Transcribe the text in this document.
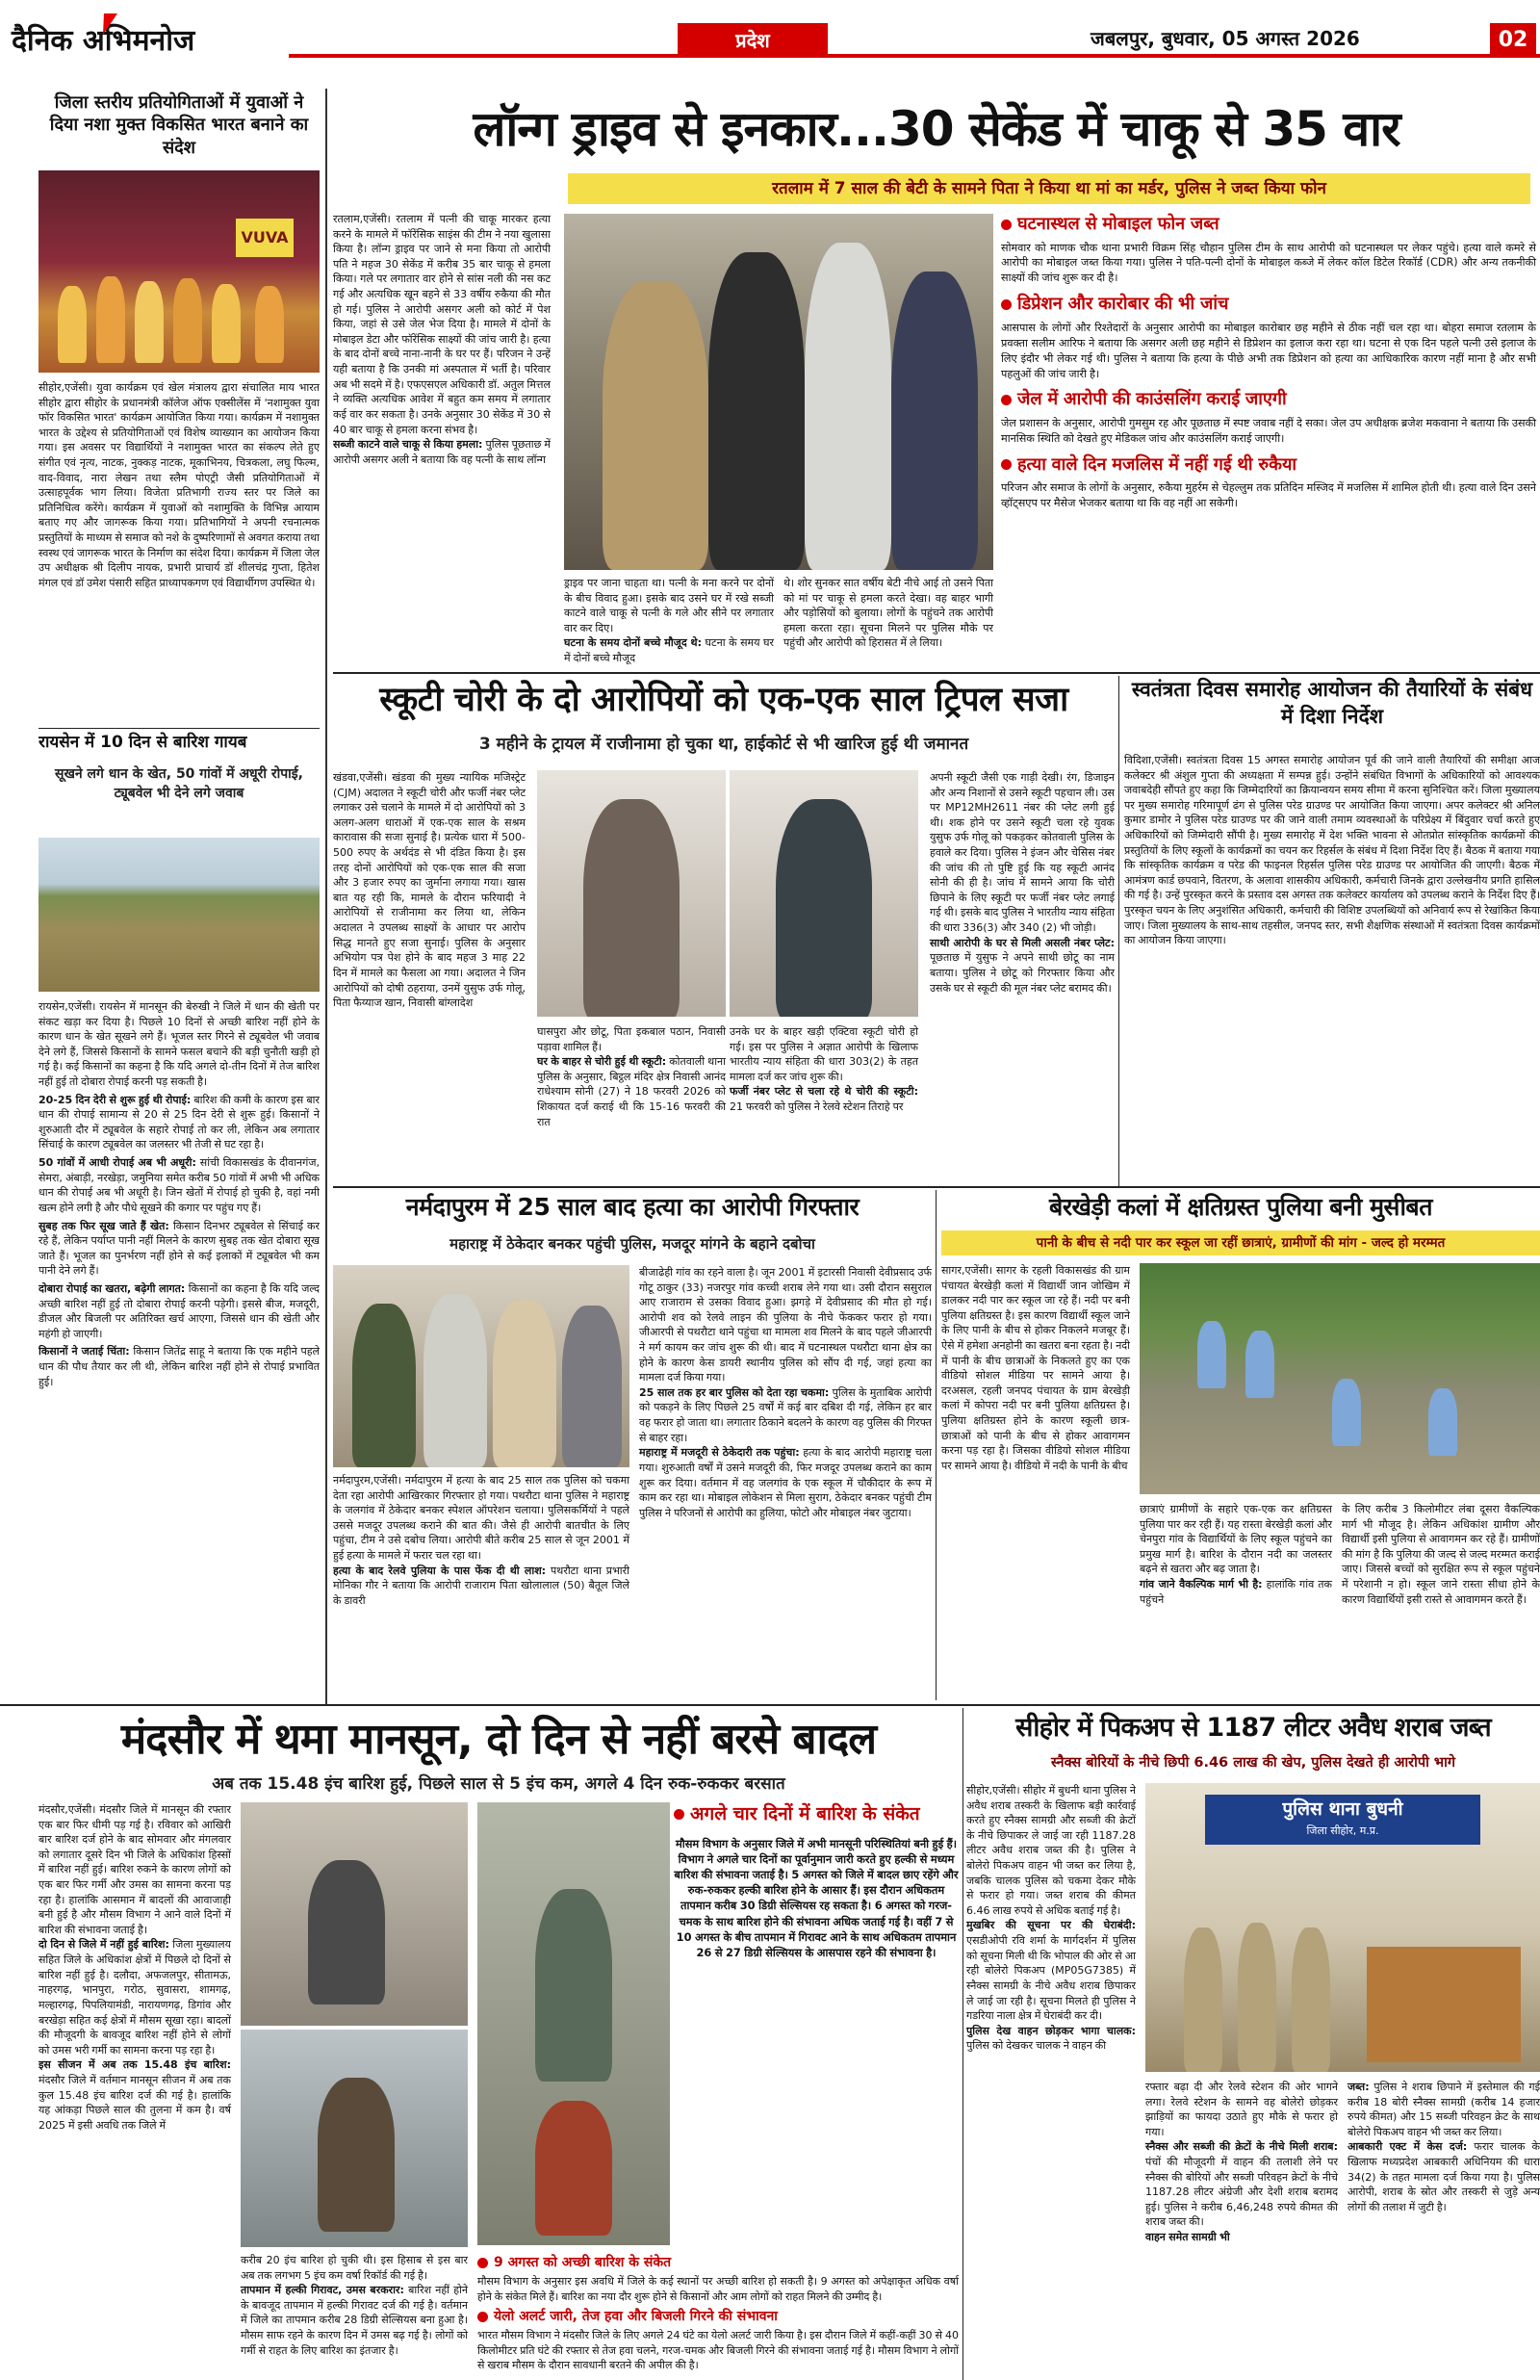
दैनिक अभिमनोज	प्रदेश	जबलपुर, बुधवार, 05 अगस्त 2026	02
जिला स्तरीय प्रतियोगिताओं में युवाओं ने दिया नशा मुक्त विकसित भारत बनाने का संदेश
VUVA
सीहोर,एजेंसी। युवा कार्यक्रम एवं खेल मंत्रालय द्वारा संचालित माय भारत सीहोर द्वारा सीहोर के प्रधानमंत्री कॉलेज ऑफ एक्सीलेंस में 'नशामुक्त युवा फॉर विकसित भारत' कार्यक्रम आयोजित किया गया। कार्यक्रम में नशामुक्त भारत के उद्देश्य से प्रतियोगिताओं एवं विशेष व्याख्यान का आयोजन किया गया। इस अवसर पर विद्यार्थियों ने नशामुक्त भारत का संकल्प लेते हुए संगीत एवं नृत्य, नाटक, नुक्कड़ नाटक, मूकाभिनय, चित्रकला, लघु फिल्म, वाद-विवाद, नारा लेखन तथा स्लैम पोएट्री जैसी प्रतियोगिताओं में उत्साहपूर्वक भाग लिया। विजेता प्रतिभागी राज्य स्तर पर जिले का प्रतिनिधित्व करेंगे। कार्यक्रम में युवाओं को नशामुक्ति के विभिन्न आयाम बताए गए और जागरूक किया गया। प्रतिभागियों ने अपनी रचनात्मक प्रस्तुतियों के माध्यम से समाज को नशे के दुष्परिणामों से अवगत कराया तथा स्वस्थ एवं जागरूक भारत के निर्माण का संदेश दिया। कार्यक्रम में जिला जेल उप अधीक्षक श्री दिलीप नायक, प्रभारी प्राचार्य डॉ शीलचंद्र गुप्ता, हितेश मंगल एवं डॉ उमेश पंसारी सहित प्राध्यापकगण एवं विद्यार्थीगण उपस्थित थे।
रायसेन में 10 दिन से बारिश गायब
सूखने लगे धान के खेत, 50 गांवों में अधूरी रोपाई, ट्यूबवेल भी देने लगे जवाब

रायसेन,एजेंसी। रायसेन में मानसून की बेरुखी ने जिले में धान की खेती पर संकट खड़ा कर दिया है। पिछले 10 दिनों से अच्छी बारिश नहीं होने के कारण धान के खेत सूखने लगे हैं। भूजल स्तर गिरने से ट्यूबवेल भी जवाब देने लगे हैं, जिससे किसानों के सामने फसल बचाने की बड़ी चुनौती खड़ी हो गई है। कई किसानों का कहना है कि यदि अगले दो-तीन दिनों में तेज बारिश नहीं हुई तो दोबारा रोपाई करनी पड़ सकती है।

20-25 दिन देरी से शुरू हुई थी रोपाई: बारिश की कमी के कारण इस बार धान की रोपाई सामान्य से 20 से 25 दिन देरी से शुरू हुई। किसानों ने शुरुआती दौर में ट्यूबवेल के सहारे रोपाई तो कर ली, लेकिन अब लगातार सिंचाई के कारण ट्यूबवेल का जलस्तर भी तेजी से घट रहा है।

50 गांवों में आधी रोपाई अब भी अधूरी: सांची विकासखंड के दीवानगंज, सेमरा, अंबाड़ी, नरखेड़ा, जमुनिया समेत करीब 50 गांवों में अभी भी अधिक धान की रोपाई अब भी अधूरी है। जिन खेतों में रोपाई हो चुकी है, वहां नमी खत्म होने लगी है और पौधे सूखने की कगार पर पहुंच गए हैं।

सुबह तक फिर सूख जाते हैं खेत: किसान दिनभर ट्यूबवेल से सिंचाई कर रहे हैं, लेकिन पर्याप्त पानी नहीं मिलने के कारण सुबह तक खेत दोबारा सूख जाते हैं। भूजल का पुनर्भरण नहीं होने से कई इलाकों में ट्यूबवेल भी कम पानी देने लगे हैं।

दोबारा रोपाई का खतरा, बढ़ेगी लागत: किसानों का कहना है कि यदि जल्द अच्छी बारिश नहीं हुई तो दोबारा रोपाई करनी पड़ेगी। इससे बीज, मजदूरी, डीजल और बिजली पर अतिरिक्त खर्च आएगा, जिससे धान की खेती और महंगी हो जाएगी।

किसानों ने जताई चिंता: किसान जितेंद्र साहू ने बताया कि एक महीने पहले धान की पौध तैयार कर ली थी, लेकिन बारिश नहीं होने से रोपाई प्रभावित हुई।

लॉन्ग ड्राइव से इनकार...30 सेकेंड में चाकू से 35 वार
रतलाम में 7 साल की बेटी के सामने पिता ने किया था मां का मर्डर, पुलिस ने जब्त किया फोन
रतलाम,एजेंसी। रतलाम में पत्नी की चाकू मारकर हत्या करने के मामले में फॉरेंसिक साइंस की टीम ने नया खुलासा किया है। लॉन्ग ड्राइव पर जाने से मना किया तो आरोपी पति ने महज 30 सेकेंड में करीब 35 बार चाकू से हमला किया। गले पर लगातार वार होने से सांस नली की नस कट गई और अत्यधिक खून बहने से 33 वर्षीय रुकैया की मौत हो गई। पुलिस ने आरोपी असगर अली को कोर्ट में पेश किया, जहां से उसे जेल भेज दिया है। मामले में दोनों के मोबाइल डेटा और फॉरेंसिक साक्ष्यों की जांच जारी है। हत्या के बाद दोनों बच्चे नाना-नानी के घर पर हैं। परिजन ने उन्हें यही बताया है कि उनकी मां अस्पताल में भर्ती है। परिवार अब भी सदमे में है। एफएसएल अधिकारी डॉ. अतुल मित्तल ने व्यक्ति अत्यधिक आवेश में बहुत कम समय में लगातार कई वार कर सकता है। उनके अनुसार 30 सेकेंड में 30 से 40 बार चाकू से हमला करना संभव है।
सब्जी काटने वाले चाकू से किया हमला: पुलिस पूछताछ में आरोपी असगर अली ने बताया कि वह पत्नी के साथ लॉन्ग
ड्राइव पर जाना चाहता था। पत्नी के मना करने पर दोनों के बीच विवाद हुआ। इसके बाद उसने घर में रखे सब्जी काटने वाले चाकू से पत्नी के गले और सीने पर लगातार वार कर दिए।
घटना के समय दोनों बच्चे मौजूद थे: घटना के समय घर में दोनों बच्चे मौजूद
थे। शोर सुनकर सात वर्षीय बेटी नीचे आई तो उसने पिता को मां पर चाकू से हमला करते देखा। वह बाहर भागी और पड़ोसियों को बुलाया। लोगों के पहुंचने तक आरोपी हमला करता रहा। सूचना मिलने पर पुलिस मौके पर पहुंची और आरोपी को हिरासत में ले लिया।
घटनास्थल से मोबाइल फोन जब्त

सोमवार को माणक चौक थाना प्रभारी विक्रम सिंह चौहान पुलिस टीम के साथ आरोपी को घटनास्थल पर लेकर पहुंचे। हत्या वाले कमरे से आरोपी का मोबाइल जब्त किया गया। पुलिस ने पति-पत्नी दोनों के मोबाइल कब्जे में लेकर कॉल डिटेल रिकॉर्ड (CDR) और अन्य तकनीकी साक्ष्यों की जांच शुरू कर दी है।

डिप्रेशन और कारोबार की भी जांच

आसपास के लोगों और रिश्तेदारों के अनुसार आरोपी का मोबाइल कारोबार छह महीने से ठीक नहीं चल रहा था। बोहरा समाज रतलाम के प्रवक्ता सलीम आरिफ ने बताया कि असगर अली छह महीने से डिप्रेशन का इलाज करा रहा था। घटना से एक दिन पहले पत्नी उसे इलाज के लिए इंदौर भी लेकर गई थी। पुलिस ने बताया कि हत्या के पीछे अभी तक डिप्रेशन को हत्या का आधिकारिक कारण नहीं माना है और सभी पहलुओं की जांच जारी है।

जेल में आरोपी की काउंसलिंग कराई जाएगी

जेल प्रशासन के अनुसार, आरोपी गुमसुम रह और पूछताछ में स्पष्ट जवाब नहीं दे सका। जेल उप अधीक्षक ब्रजेश मकवाना ने बताया कि उसकी मानसिक स्थिति को देखते हुए मेडिकल जांच और काउंसलिंग कराई जाएगी।

हत्या वाले दिन मजलिस में नहीं गई थी रुकैया

परिजन और समाज के लोगों के अनुसार, रुकैया मुहर्रम से चेहल्लुम तक प्रतिदिन मस्जिद में मजलिस में शामिल होती थी। हत्या वाले दिन उसने व्हॉट्सएप पर मैसेज भेजकर बताया था कि वह नहीं आ सकेगी।

स्कूटी चोरी के दो आरोपियों को एक-एक साल ट्रिपल सजा
3 महीने के ट्रायल में राजीनामा हो चुका था, हाईकोर्ट से भी खारिज हुई थी जमानत
खंडवा,एजेंसी। खंडवा की मुख्य न्यायिक मजिस्ट्रेट (CJM) अदालत ने स्कूटी चोरी और फर्जी नंबर प्लेट लगाकर उसे चलाने के मामले में दो आरोपियों को 3 अलग-अलग धाराओं में एक-एक साल के सश्रम कारावास की सजा सुनाई है। प्रत्येक धारा में 500-500 रुपए के अर्थदंड से भी दंडित किया है। इस तरह दोनों आरोपियों को एक-एक साल की सजा और 3 हजार रुपए का जुर्माना लगाया गया। खास बात यह रही कि, मामले के दौरान फरियादी ने आरोपियों से राजीनामा कर लिया था, लेकिन अदालत ने उपलब्ध साक्ष्यों के आधार पर आरोप सिद्ध मानते हुए सजा सुनाई। पुलिस के अनुसार अभियोग पत्र पेश होने के बाद महज 3 माह 22 दिन में मामले का फैसला आ गया। अदालत ने जिन आरोपियों को दोषी ठहराया, उनमें युसुफ उर्फ गोलू, पिता फैय्याज खान, निवासी बांग्लादेश
घासपुरा और छोटू, पिता इकबाल पठान, निवासी पड़ावा शामिल हैं।
घर के बाहर से चोरी हुई थी स्कूटी: कोतवाली थाना पुलिस के अनुसार, बिट्ठल मंदिर क्षेत्र निवासी आनंद राधेश्याम सोनी (27) ने 18 फरवरी 2026 को शिकायत दर्ज कराई थी कि 15-16 फरवरी की रात
उनके घर के बाहर खड़ी एक्टिवा स्कूटी चोरी हो गई। इस पर पुलिस ने अज्ञात आरोपी के खिलाफ भारतीय न्याय संहिता की धारा 303(2) के तहत मामला दर्ज कर जांच शुरू की।
फर्जी नंबर प्लेट से चला रहे थे चोरी की स्कूटी: 21 फरवरी को पुलिस ने रेलवे स्टेशन तिराहे पर
अपनी स्कूटी जैसी एक गाड़ी देखी। रंग, डिजाइन और अन्य निशानों से उसने स्कूटी पहचान ली। उस पर MP12MH2611 नंबर की प्लेट लगी हुई थी। शक होने पर उसने स्कूटी चला रहे युवक युसुफ उर्फ गोलू को पकड़कर कोतवाली पुलिस के हवाले कर दिया। पुलिस ने इंजन और चेसिस नंबर की जांच की तो पुष्टि हुई कि यह स्कूटी आनंद सोनी की ही है। जांच में सामने आया कि चोरी छिपाने के लिए स्कूटी पर फर्जी नंबर प्लेट लगाई गई थी। इसके बाद पुलिस ने भारतीय न्याय संहिता की धारा 336(3) और 340 (2) भी जोड़ी।
साथी आरोपी के घर से मिली असली नंबर प्लेट: पूछताछ में युसुफ ने अपने साथी छोटू का नाम बताया। पुलिस ने छोटू को गिरफ्तार किया और उसके घर से स्कूटी की मूल नंबर प्लेट बरामद की।
स्वतंत्रता दिवस समारोह आयोजन की तैयारियों के संबंध में दिशा निर्देश
विदिशा,एजेंसी। स्वतंत्रता दिवस 15 अगस्त समारोह आयोजन पूर्व की जाने वाली तैयारियों की समीक्षा आज कलेक्टर श्री अंशुल गुप्ता की अध्यक्षता में सम्पन्न हुई। उन्होंने संबंधित विभागों के अधिकारियों को आवश्यक जवाबदेही सौंपते हुए कहा कि जिम्मेदारियों का क्रियान्वयन समय सीमा में करना सुनिश्चित करें। जिला मुख्यालय पर मुख्य समारोह गरिमापूर्ण ढंग से पुलिस परेड ग्राउण्ड पर आयोजित किया जाएगा। अपर कलेक्टर श्री अनिल कुमार डामोर ने पुलिस परेड ग्राउण्ड पर की जाने वाली तमाम व्यवस्थाओं के परिप्रेक्ष्य में बिंदुवार चर्चा करते हुए अधिकारियों को जिम्मेदारी सौंपी है। मुख्य समारोह में देश भक्ति भावना से ओतप्रोत सांस्कृतिक कार्यक्रमों की प्रस्तुतियों के लिए स्कूलों के कार्यक्रमों का चयन कर रिहर्सल के संबंध में दिशा निर्देश दिए हैं। बैठक में बताया गया कि सांस्कृतिक कार्यक्रम व परेड की फाइनल रिहर्सल पुलिस परेड ग्राउण्ड पर आयोजित की जाएगी। बैठक में आमंत्रण कार्ड छपवाने, वितरण, के अलावा शासकीय अधिकारी, कर्मचारी जिनके द्वारा उल्लेखनीय प्रगति हासिल की गई है। उन्हें पुरस्कृत करने के प्रस्ताव दस अगस्त तक कलेक्टर कार्यालय को उपलब्ध कराने के निर्देश दिए हैं। पुरस्कृत चयन के लिए अनुशंसित अधिकारी, कर्मचारी की विशिष्ट उपलब्धियों को अनिवार्य रूप से रेखांकित किया जाए। जिला मुख्यालय के साथ-साथ तहसील, जनपद स्तर, सभी शैक्षणिक संस्थाओं में स्वतंत्रता दिवस कार्यक्रमों का आयोजन किया जाएगा।
नर्मदापुरम में 25 साल बाद हत्या का आरोपी गिरफ्तार
महाराष्ट्र में ठेकेदार बनकर पहुंची पुलिस, मजदूर मांगने के बहाने दबोचा
नर्मदापुरम,एजेंसी। नर्मदापुरम में हत्या के बाद 25 साल तक पुलिस को चकमा देता रहा आरोपी आखिरकार गिरफ्तार हो गया। पथरौटा थाना पुलिस ने महाराष्ट्र के जलगांव में ठेकेदार बनकर स्पेशल ऑपरेशन चलाया। पुलिसकर्मियों ने पहले उससे मजदूर उपलब्ध कराने की बात की। जैसे ही आरोपी बातचीत के लिए पहुंचा, टीम ने उसे दबोच लिया। आरोपी बीते करीब 25 साल से जून 2001 में हुई हत्या के मामले में फरार चल रहा था।
हत्या के बाद रेलवे पुलिया के पास फेंक दी थी लाश: पथरौटा थाना प्रभारी मोनिका गौर ने बताया कि आरोपी राजाराम पिता खोलालाल (50) बैतूल जिले के डावरी
बीजाढेही गांव का रहने वाला है। जून 2001 में इटारसी निवासी देवीप्रसाद उर्फ गोटू ठाकुर (33) नजरपुर गांव कच्ची शराब लेने गया था। उसी दौरान ससुराल आए राजाराम से उसका विवाद हुआ। झगड़े में देवीप्रसाद की मौत हो गई। आरोपी शव को रेलवे लाइन की पुलिया के नीचे फेंककर फरार हो गया। जीआरपी से पथरौटा थाने पहुंचा था मामला शव मिलने के बाद पहले जीआरपी ने मर्ग कायम कर जांच शुरू की थी। बाद में घटनास्थल पथरौटा थाना क्षेत्र का होने के कारण केस डायरी स्थानीय पुलिस को सौंप दी गई, जहां हत्या का मामला दर्ज किया गया।
25 साल तक हर बार पुलिस को देता रहा चकमा: पुलिस के मुताबिक आरोपी को पकड़ने के लिए पिछले 25 वर्षों में कई बार दबिश दी गई, लेकिन हर बार वह फरार हो जाता था। लगातार ठिकाने बदलने के कारण वह पुलिस की गिरफ्त से बाहर रहा।
महाराष्ट्र में मजदूरी से ठेकेदारी तक पहुंचा: हत्या के बाद आरोपी महाराष्ट्र चला गया। शुरुआती वर्षों में उसने मजदूरी की, फिर मजदूर उपलब्ध कराने का काम शुरू कर दिया। वर्तमान में वह जलगांव के एक स्कूल में चौकीदार के रूप में काम कर रहा था। मोबाइल लोकेशन से मिला सुराग, ठेकेदार बनकर पहुंची टीम पुलिस ने परिजनों से आरोपी का हुलिया, फोटो और मोबाइल नंबर जुटाया।
बेरखेड़ी कलां में क्षतिग्रस्त पुलिया बनी मुसीबत
पानी के बीच से नदी पार कर स्कूल जा रहीं छात्राएं, ग्रामीणों की मांग - जल्द हो मरम्मत
सागर,एजेंसी। सागर के रहली विकासखंड की ग्राम पंचायत बेरखेड़ी कलां में विद्यार्थी जान जोखिम में डालकर नदी पार कर स्कूल जा रहे हैं। नदी पर बनी पुलिया क्षतिग्रस्त है। इस कारण विद्यार्थी स्कूल जाने के लिए पानी के बीच से होकर निकलने मजबूर हैं। ऐसे में हमेशा अनहोनी का खतरा बना रहता है। नदी में पानी के बीच छात्राओं के निकलते हुए का एक वीडियो सोशल मीडिया पर सामने आया है। दरअसल, रहली जनपद पंचायत के ग्राम बेरखेड़ी कलां में कोपरा नदी पर बनी पुलिया क्षतिग्रस्त है। पुलिया क्षतिग्रस्त होने के कारण स्कूली छात्र-छात्राओं को पानी के बीच से होकर आवागमन करना पड़ रहा है। जिसका वीडियो सोशल मीडिया पर सामने आया है। वीडियो में नदी के पानी के बीच
छात्राएं ग्रामीणों के सहारे एक-एक कर क्षतिग्रस्त पुलिया पार कर रही हैं। यह रास्ता बेरखेड़ी कलां और चेनपुरा गांव के विद्यार्थियों के लिए स्कूल पहुंचने का प्रमुख मार्ग है। बारिश के दौरान नदी का जलस्तर बढ़ने से खतरा और बढ़ जाता है।
गांव जाने वैकल्पिक मार्ग भी है: हालांकि गांव तक पहुंचने
के लिए करीब 3 किलोमीटर लंबा दूसरा वैकल्पिक मार्ग भी मौजूद है। लेकिन अधिकांश ग्रामीण और विद्यार्थी इसी पुलिया से आवागमन कर रहे हैं। ग्रामीणों की मांग है कि पुलिया की जल्द से जल्द मरम्मत कराई जाए। जिससे बच्चों को सुरक्षित रूप से स्कूल पहुंचने में परेशानी न हो। स्कूल जाने रास्ता सीधा होने के कारण विद्यार्थियों इसी रास्ते से आवागमन करते हैं।
मंदसौर में थमा मानसून, दो दिन से नहीं बरसे बादल
अब तक 15.48 इंच बारिश हुई, पिछले साल से 5 इंच कम, अगले 4 दिन रुक-रुककर बरसात
मंदसौर,एजेंसी। मंदसौर जिले में मानसून की रफ्तार एक बार फिर धीमी पड़ गई है। रविवार को आखिरी बार बारिश दर्ज होने के बाद सोमवार और मंगलवार को लगातार दूसरे दिन भी जिले के अधिकांश हिस्सों में बारिश नहीं हुई। बारिश रुकने के कारण लोगों को एक बार फिर गर्मी और उमस का सामना करना पड़ रहा है। हालांकि आसमान में बादलों की आवाजाही बनी हुई है और मौसम विभाग ने आने वाले दिनों में बारिश की संभावना जताई है।
दो दिन से जिले में नहीं हुई बारिश: जिला मुख्यालय सहित जिले के अधिकांश क्षेत्रों में पिछले दो दिनों से बारिश नहीं हुई है। दलौदा, अफजलपुर, सीतामऊ, नाहरगढ़, भानपुरा, गरोठ, सुवासरा, शामगढ़, मल्हारगढ़, पिपलियामंडी, नारायणगढ़, डिगांव और बरखेड़ा सहित कई क्षेत्रों में मौसम सूखा रहा। बादलों की मौजूदगी के बावजूद बारिश नहीं होने से लोगों को उमस भरी गर्मी का सामना करना पड़ रहा है।
इस सीजन में अब तक 15.48 इंच बारिश: मंदसौर जिले में वर्तमान मानसून सीजन में अब तक कुल 15.48 इंच बारिश दर्ज की गई है। हालांकि यह आंकड़ा पिछले साल की तुलना में कम है। वर्ष 2025 में इसी अवधि तक जिले में
करीब 20 इंच बारिश हो चुकी थी। इस हिसाब से इस बार अब तक लगभग 5 इंच कम वर्षा रिकॉर्ड की गई है।
तापमान में हल्की गिरावट, उमस बरकरार: बारिश नहीं होने के बावजूद तापमान में हल्की गिरावट दर्ज की गई है। वर्तमान में जिले का तापमान करीब 28 डिग्री सेल्सियस बना हुआ है। मौसम साफ रहने के कारण दिन में उमस बढ़ गई है। लोगों को गर्मी से राहत के लिए बारिश का इंतजार है।
अगले चार दिनों में बारिश के संकेत
मौसम विभाग के अनुसार जिले में अभी मानसूनी परिस्थितियां बनी हुई हैं। विभाग ने अगले चार दिनों का पूर्वानुमान जारी करते हुए हल्की से मध्यम बारिश की संभावना जताई है। 5 अगस्त को जिले में बादल छाए रहेंगे और रुक-रुककर हल्की बारिश होने के आसार हैं। इस दौरान अधिकतम तापमान करीब 30 डिग्री सेल्सियस रह सकता है। 6 अगस्त को गरज-चमक के साथ बारिश होने की संभावना अधिक जताई गई है। वहीं 7 से 10 अगस्त के बीच तापमान में गिरावट आने के साथ अधिकतम तापमान 26 से 27 डिग्री सेल्सियस के आसपास रहने की संभावना है।
9 अगस्त को अच्छी बारिश के संकेत
मौसम विभाग के अनुसार इस अवधि में जिले के कई स्थानों पर अच्छी बारिश हो सकती है। 9 अगस्त को अपेक्षाकृत अधिक वर्षा होने के संकेत मिले हैं। बारिश का नया दौर शुरू होने से किसानों और आम लोगों को राहत मिलने की उम्मीद है।
येलो अलर्ट जारी, तेज हवा और बिजली गिरने की संभावना
भारत मौसम विभाग ने मंदसौर जिले के लिए अगले 24 घंटे का येलो अलर्ट जारी किया है। इस दौरान जिले में कहीं-कहीं 30 से 40 किलोमीटर प्रति घंटे की रफ्तार से तेज हवा चलने, गरज-चमक और बिजली गिरने की संभावना जताई गई है। मौसम विभाग ने लोगों से खराब मौसम के दौरान सावधानी बरतने की अपील की है।
सीहोर में पिकअप से 1187 लीटर अवैध शराब जब्त
स्नैक्स बोरियों के नीचे छिपी 6.46 लाख की खेप, पुलिस देखते ही आरोपी भागे
सीहोर,एजेंसी। सीहोर में बुधनी थाना पुलिस ने अवैध शराब तस्करी के खिलाफ बड़ी कार्रवाई करते हुए स्नैक्स सामग्री और सब्जी की क्रेटों के नीचे छिपाकर ले जाई जा रही 1187.28 लीटर अवैध शराब जब्त की है। पुलिस ने बोलेरो पिकअप वाहन भी जब्त कर लिया है, जबकि चालक पुलिस को चकमा देकर मौके से फरार हो गया। जब्त शराब की कीमत 6.46 लाख रुपये से अधिक बताई गई है।
मुखबिर की सूचना पर की घेराबंदी: एसडीओपी रवि शर्मा के मार्गदर्शन में पुलिस को सूचना मिली थी कि भोपाल की ओर से आ रही बोलेरो पिकअप (MP05G7385) में स्नैक्स सामग्री के नीचे अवैध शराब छिपाकर ले जाई जा रही है। सूचना मिलते ही पुलिस ने गडरिया नाला क्षेत्र में घेराबंदी कर दी।
पुलिस देख वाहन छोड़कर भागा चालक: पुलिस को देखकर चालक ने वाहन की
पुलिस थाना बुधनी
जिला सीहोर, म.प्र.
रफ्तार बढ़ा दी और रेलवे स्टेशन की ओर भागने लगा। रेलवे स्टेशन के सामने वह बोलेरो छोड़कर झाड़ियों का फायदा उठाते हुए मौके से फरार हो गया।
स्नैक्स और सब्जी की क्रेटों के नीचे मिली शराब: पंचों की मौजूदगी में वाहन की तलाशी लेने पर स्नैक्स की बोरियों और सब्जी परिवहन क्रेटों के नीचे 1187.28 लीटर अंग्रेजी और देशी शराब बरामद हुई। पुलिस ने करीब 6,46,248 रुपये कीमत की शराब जब्त की।
वाहन समेत सामग्री भी
जब्त: पुलिस ने शराब छिपाने में इस्तेमाल की गई करीब 18 बोरी स्नैक्स सामग्री (करीब 14 हजार रुपये कीमत) और 15 सब्जी परिवहन क्रेट के साथ बोलेरो पिकअप वाहन भी जब्त कर लिया।
आबकारी एक्ट में केस दर्ज: फरार चालक के खिलाफ मध्यप्रदेश आबकारी अधिनियम की धारा 34(2) के तहत मामला दर्ज किया गया है। पुलिस आरोपी, शराब के स्रोत और तस्करी से जुड़े अन्य लोगों की तलाश में जुटी है।
